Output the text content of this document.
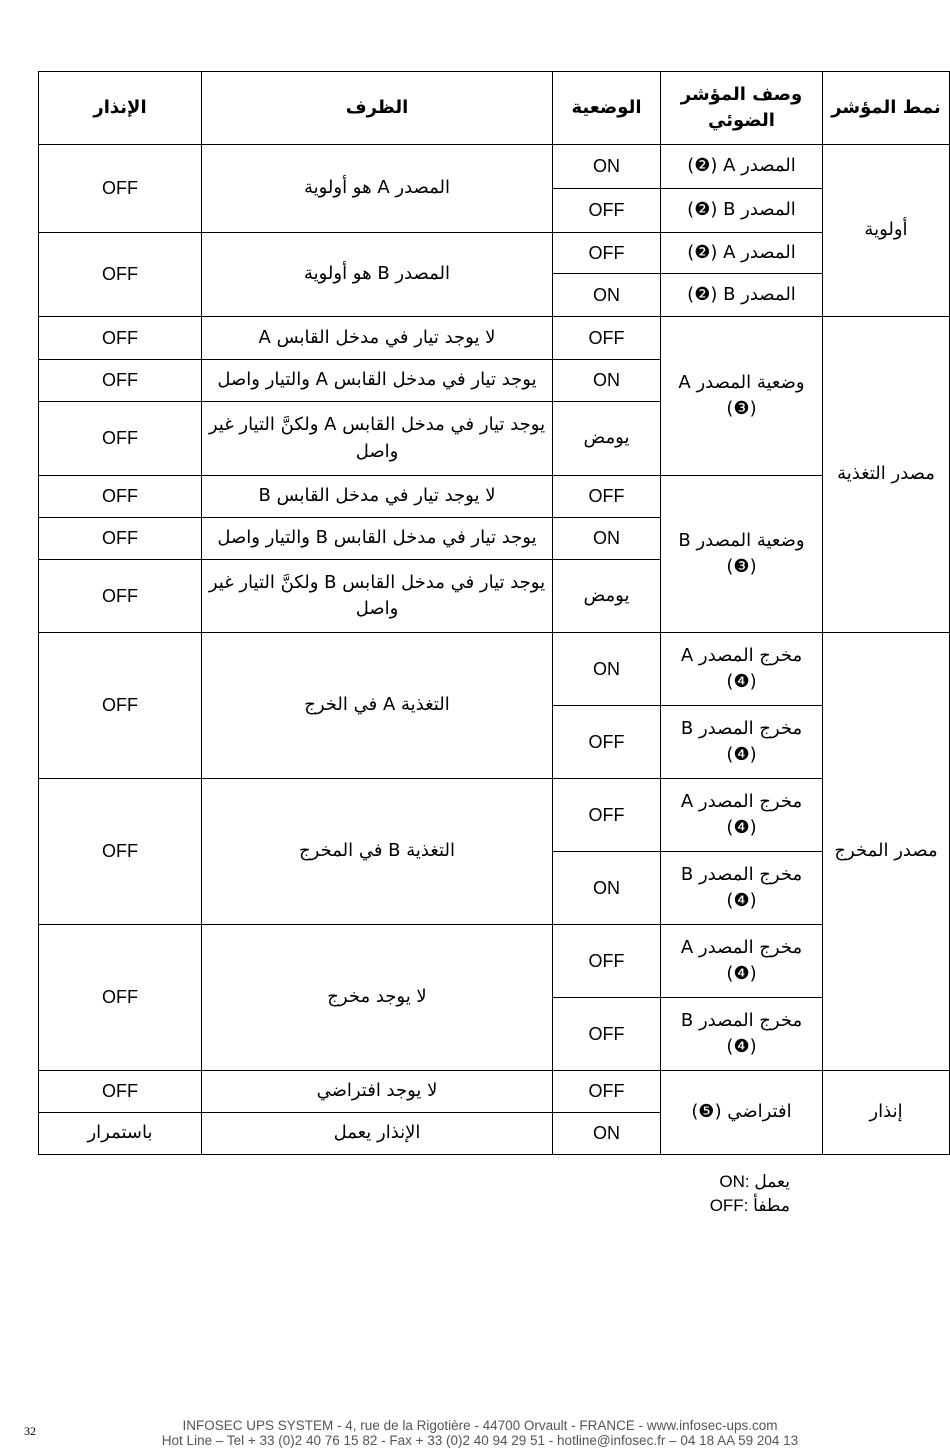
نمط المؤشر	وصف المؤشر الضوئي	الوضعية	الظرف	الإنذار
أولوية	المصدر A (❷)	ON	المصدر A هو أولوية	OFF
	المصدر B (❷)	OFF		
	المصدر A (❷)	OFF	المصدر B هو أولوية	OFF
	المصدر B (❷)	ON		
مصدر التغذية	وضعية المصدر A (❸)	OFF	لا يوجد تيار في مدخل القابس A	OFF
		ON	يوجد تيار في مدخل القابس A والتيار واصل	OFF
		يومض	يوجد تيار في مدخل القابس A ولكنَّ التيار غير واصل	OFF
	وضعية المصدر B (❸)	OFF	لا يوجد تيار في مدخل القابس B	OFF
		ON	يوجد تيار في مدخل القابس B والتيار واصل	OFF
		يومض	يوجد تيار في مدخل القابس B ولكنَّ التيار غير واصل	OFF
مصدر المخرج	مخرج المصدر A (❹)	ON	التغذية A في الخرج	OFF
	مخرج المصدر B (❹)	OFF		
	مخرج المصدر A (❹)	OFF	التغذية B في المخرج	OFF
	مخرج المصدر B (❹)	ON		
	مخرج المصدر A (❹)	OFF	لا يوجد مخرج	OFF
	مخرج المصدر B (❹)	OFF		
إنذار	افتراضي (❺)	OFF	لا يوجد افتراضي	OFF
		ON	الإنذار يعمل	باستمرار
ON: يعمل
OFF: مطفأ
32	INFOSEC UPS SYSTEM - 4, rue de la Rigotière - 44700 Orvault - FRANCE - www.infosec-ups.com
Hot Line – Tel + 33 (0)2 40 76 15 82 - Fax + 33 (0)2 40 94 29 51 - hotline@infosec.fr – 04 18 AA 59 204 13
